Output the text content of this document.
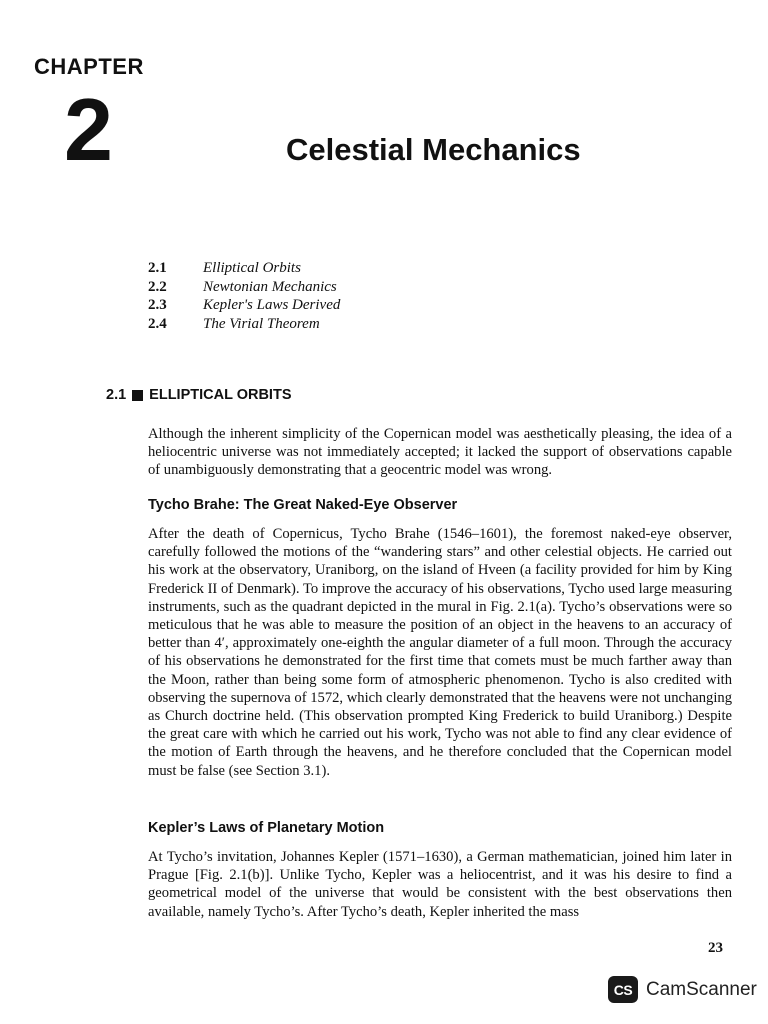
CHAPTER
2	Celestial Mechanics
2.1	Elliptical Orbits
2.2	Newtonian Mechanics
2.3	Kepler's Laws Derived
2.4	The Virial Theorem
2.1 ELLIPTICAL ORBITS

Although the inherent simplicity of the Copernican model was aesthetically pleasing, the idea of a heliocentric universe was not immediately accepted; it lacked the support of observations capable of unambiguously demonstrating that a geocentric model was wrong.

Tycho Brahe: The Great Naked-Eye Observer

After the death of Copernicus, Tycho Brahe (1546–1601), the foremost naked-eye observer, carefully followed the motions of the “wandering stars” and other celestial objects. He carried out his work at the observatory, Uraniborg, on the island of Hveen (a facility provided for him by King Frederick II of Denmark). To improve the accuracy of his observations, Tycho used large measuring instruments, such as the quadrant depicted in the mural in Fig. 2.1(a). Tycho’s observations were so meticulous that he was able to measure the position of an object in the heavens to an accuracy of better than 4′, approximately one-eighth the angular diameter of a full moon. Through the accuracy of his observations he demonstrated for the first time that comets must be much farther away than the Moon, rather than being some form of atmospheric phenomenon. Tycho is also credited with observing the supernova of 1572, which clearly demonstrated that the heavens were not unchanging as Church doctrine held. (This observation prompted King Frederick to build Uraniborg.) Despite the great care with which he carried out his work, Tycho was not able to find any clear evidence of the motion of Earth through the heavens, and he therefore concluded that the Copernican model must be false (see Section 3.1).

Kepler’s Laws of Planetary Motion

At Tycho’s invitation, Johannes Kepler (1571–1630), a German mathematician, joined him later in Prague [Fig. 2.1(b)]. Unlike Tycho, Kepler was a heliocentrist, and it was his desire to find a geometrical model of the universe that would be consistent with the best observations then available, namely Tycho’s. After Tycho’s death, Kepler inherited the mass

23
CS CamScanner
